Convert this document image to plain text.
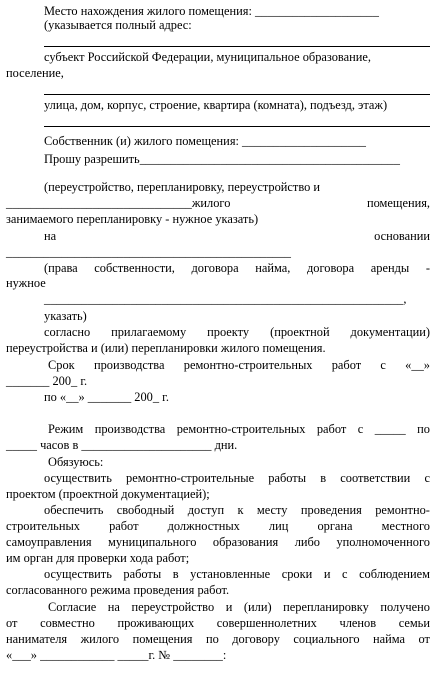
Место нахождения жилого помещения: ____________________
(указывается полный адрес:
субъект Российской Федерации, муниципальное образование,
поселение,
улица, дом, корпус, строение, квартира (комната), подъезд, этаж)
Собственник (и) жилого помещения: ____________________
Прошу разрешить__________________________________________
(переустройство, перепланировку, переустройство и
______________________________жилого	помещения,
занимаемого перепланировку - нужное указать)
на	основании
______________________________________________
(права собственности, договора найма, договора аренды -
нужное
__________________________________________________________,
указать)
согласно прилагаемому проекту (проектной документации)
переустройства и (или) перепланировки жилого помещения.
Срок производства ремонтно-строительных работ с «__»
_______ 200_ г.
по «__» _______ 200_ г.
Режим производства ремонтно-строительных работ с _____ по
_____ часов в _____________________ дни.
Обязуюсь:
осуществить ремонтно-строительные работы в соответствии с
проектом (проектной документацией);
обеспечить свободный доступ к месту проведения ремонтно-
строительных работ должностных лиц органа местного
самоуправления муниципального образования либо уполномоченного
им орган для проверки хода работ;
осуществить работы в установленные сроки и с соблюдением
согласованного режима проведения работ.
Согласие на переустройство и (или) перепланировку получено
от совместно проживающих совершеннолетних членов семьи
нанимателя жилого помещения по договору социального найма от
«___» ____________ _____г. № ________:
